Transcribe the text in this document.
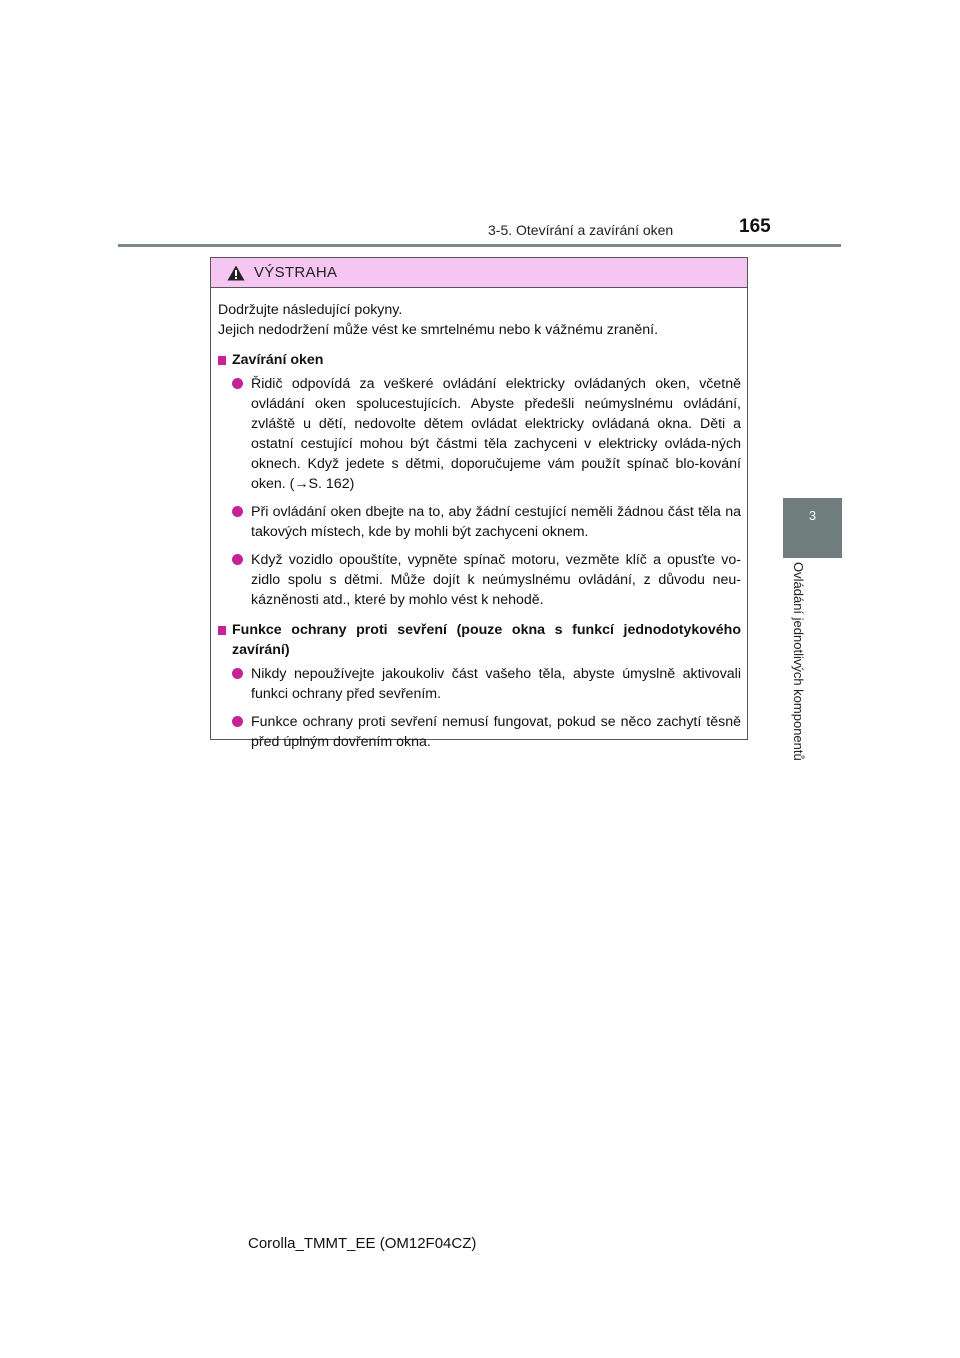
3-5. Otevírání a zavírání oken	165
3
Ovládání jednotlivých komponentů
VÝSTRAHA

Dodržujte následující pokyny.

Jejich nedodržení může vést ke smrtelnému nebo k vážnému zranění.

Zavírání oken
Řidič odpovídá za veškeré ovládání elektricky ovládaných oken, včetně ovládání oken spolucestujících. Abyste předešli neúmyslnému ovládání, zvláště u dětí, nedovolte dětem ovládat elektricky ovládaná okna. Děti a ostatní cestující mohou být částmi těla zachyceni v elektricky ovláda-ných oknech. Když jedete s dětmi, doporučujeme vám použít spínač blo-kování oken. (→S. 162)
Při ovládání oken dbejte na to, aby žádní cestující neměli žádnou část těla na takových místech, kde by mohli být zachyceni oknem.
Když vozidlo opouštíte, vypněte spínač motoru, vezměte klíč a opusťte vo-zidlo spolu s dětmi. Může dojít k neúmyslnému ovládání, z důvodu neu-kázněnosti atd., které by mohlo vést k nehodě.
Funkce ochrany proti sevření (pouze okna s funkcí jednodotykového zavírání)
Nikdy nepoužívejte jakoukoliv část vašeho těla, abyste úmyslně aktivovali funkci ochrany před sevřením.
Funkce ochrany proti sevření nemusí fungovat, pokud se něco zachytí těsně před úplným dovřením okna.
Corolla_TMMT_EE (OM12F04CZ)
